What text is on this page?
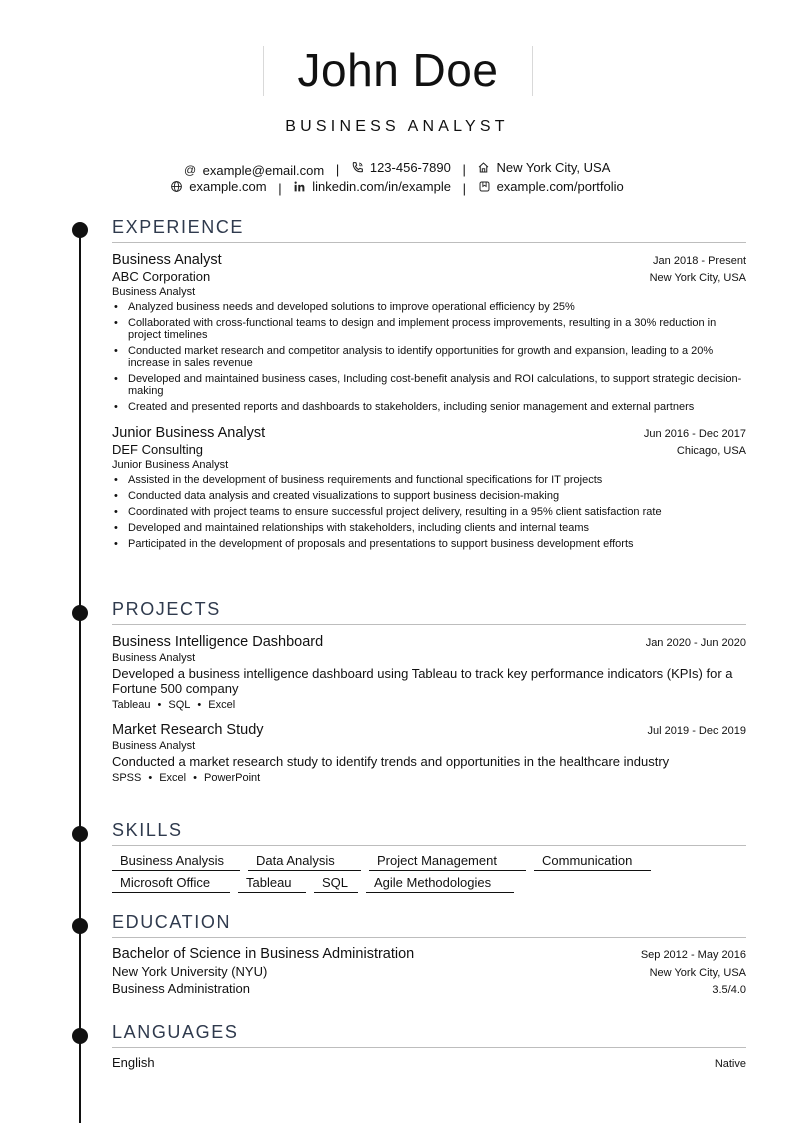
John Doe
BUSINESS ANALYST
@ example@email.com | 123-456-7890 | New York City, USA
example.com | linkedin.com/in/example | example.com/portfolio
EXPERIENCE
Business Analyst	Jan 2018 - Present
ABC Corporation	New York City, USA
Business Analyst
• Analyzed business needs and developed solutions to improve operational efficiency by 25%
• Collaborated with cross-functional teams to design and implement process improvements, resulting in a 30% reduction in project timelines
• Conducted market research and competitor analysis to identify opportunities for growth and expansion, leading to a 20% increase in sales revenue
• Developed and maintained business cases, Including cost-benefit analysis and ROI calculations, to support strategic decision-making
• Created and presented reports and dashboards to stakeholders, including senior management and external partners
Junior Business Analyst	Jun 2016 - Dec 2017
DEF Consulting	Chicago, USA
Junior Business Analyst
• Assisted in the development of business requirements and functional specifications for IT projects
• Conducted data analysis and created visualizations to support business decision-making
• Coordinated with project teams to ensure successful project delivery, resulting in a 95% client satisfaction rate
• Developed and maintained relationships with stakeholders, including clients and internal teams
• Participated in the development of proposals and presentations to support business development efforts
PROJECTS
Business Intelligence Dashboard	Jan 2020 - Jun 2020
Business Analyst
Developed a business intelligence dashboard using Tableau to track key performance indicators (KPIs) for a Fortune 500 company
Tableau • SQL • Excel
Market Research Study	Jul 2019 - Dec 2019
Business Analyst
Conducted a market research study to identify trends and opportunities in the healthcare industry
SPSS • Excel • PowerPoint
SKILLS
Business Analysis	Data Analysis	Project Management	Communication
Microsoft Office	Tableau	SQL	Agile Methodologies
EDUCATION
Bachelor of Science in Business Administration	Sep 2012 - May 2016
New York University (NYU)	New York City, USA
Business Administration	3.5/4.0
LANGUAGES
English	Native
